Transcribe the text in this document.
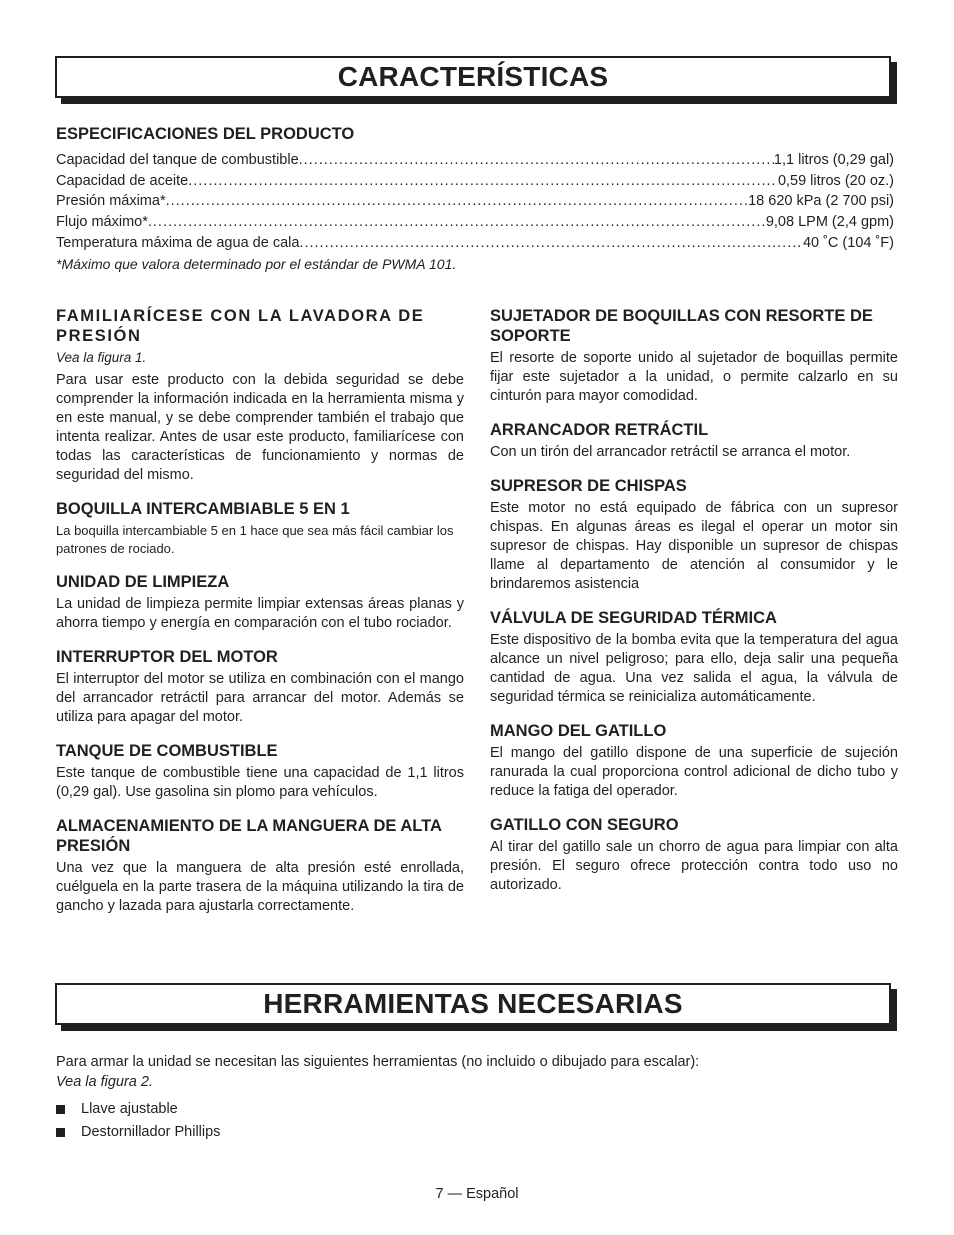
CARACTERÍSTICAS
ESPECIFICACIONES DEL PRODUCTO
Capacidad del tanque de combustible .....	1,1 litros (0,29 gal)
Capacidad de aceite .....	0,59 litros (20 oz.)
Presión máxima* .....	18 620 kPa (2 700 psi)
Flujo máximo* .....	9,08 LPM (2,4 gpm)
Temperatura máxima de agua de cala .....	40 ˚C (104 ˚F)
*Máximo que valora determinado por el estándar de PWMA 101.
FAMILIARÍCESE CON LA LAVADORA DE PRESIÓN
Vea la figura 1.

Para usar este producto con la debida seguridad se debe comprender la información indicada en la herramienta misma y en este manual, y se debe comprender también el trabajo que intenta realizar. Antes de usar este producto, familiarícese con todas las características de funcionamiento y normas de seguridad del mismo.

BOQUILLA INTERCAMBIABLE 5 EN 1

La boquilla intercambiable 5 en 1 hace que sea más fácil cambiar los patrones de rociado.

UNIDAD DE LIMPIEZA

La unidad de limpieza permite limpiar extensas áreas planas y ahorra tiempo y energía en comparación con el tubo rociador.

INTERRUPTOR DEL MOTOR

El interruptor del motor se utiliza en combinación con el mango del arrancador retráctil para arrancar del motor. Además se utiliza para apagar del motor.

TANQUE DE COMBUSTIBLE

Este tanque de combustible tiene una capacidad de 1,1 litros (0,29 gal). Use gasolina sin plomo para vehículos.

ALMACENAMIENTO DE LA MANGUERA DE ALTA PRESIÓN

Una vez que la manguera de alta presión esté enrollada, cuélguela en la parte trasera de la máquina utilizando la tira de gancho y lazada para ajustarla correctamente.

SUJETADOR DE BOQUILLAS CON RESORTE DE SOPORTE

El resorte de soporte unido al sujetador de boquillas permite fijar este sujetador a la unidad, o permite calzarlo en su cinturón para mayor comodidad.

ARRANCADOR RETRÁCTIL

Con un tirón del arrancador retráctil se arranca el motor.

SUPRESOR DE CHISPAS

Este motor no está equipado de fábrica con un supresor chispas. En algunas áreas es ilegal el operar un motor sin supresor de chispas. Hay disponible un supresor de chispas llame al departamento de atención al consumidor y le brindaremos asistencia

VÁLVULA DE SEGURIDAD TÉRMICA

Este dispositivo de la bomba evita que la temperatura del agua alcance un nivel peligroso; para ello, deja salir una pequeña cantidad de agua. Una vez salida el agua, la válvula de seguridad térmica se reinicializa automáticamente.

MANGO DEL GATILLO

El mango del gatillo dispone de una superficie de sujeción ranurada la cual proporciona control adicional de dicho tubo y reduce la fatiga del operador.

GATILLO CON SEGURO

Al tirar del gatillo sale un chorro de agua para limpiar con alta presión. El seguro ofrece protección contra todo uso no autorizado.

HERRAMIENTAS NECESARIAS

Para armar la unidad se necesitan las siguientes herramientas (no incluido o dibujado para escalar):

Vea la figura 2.

Llave ajustable
Destornillador Phillips
7 — Español
